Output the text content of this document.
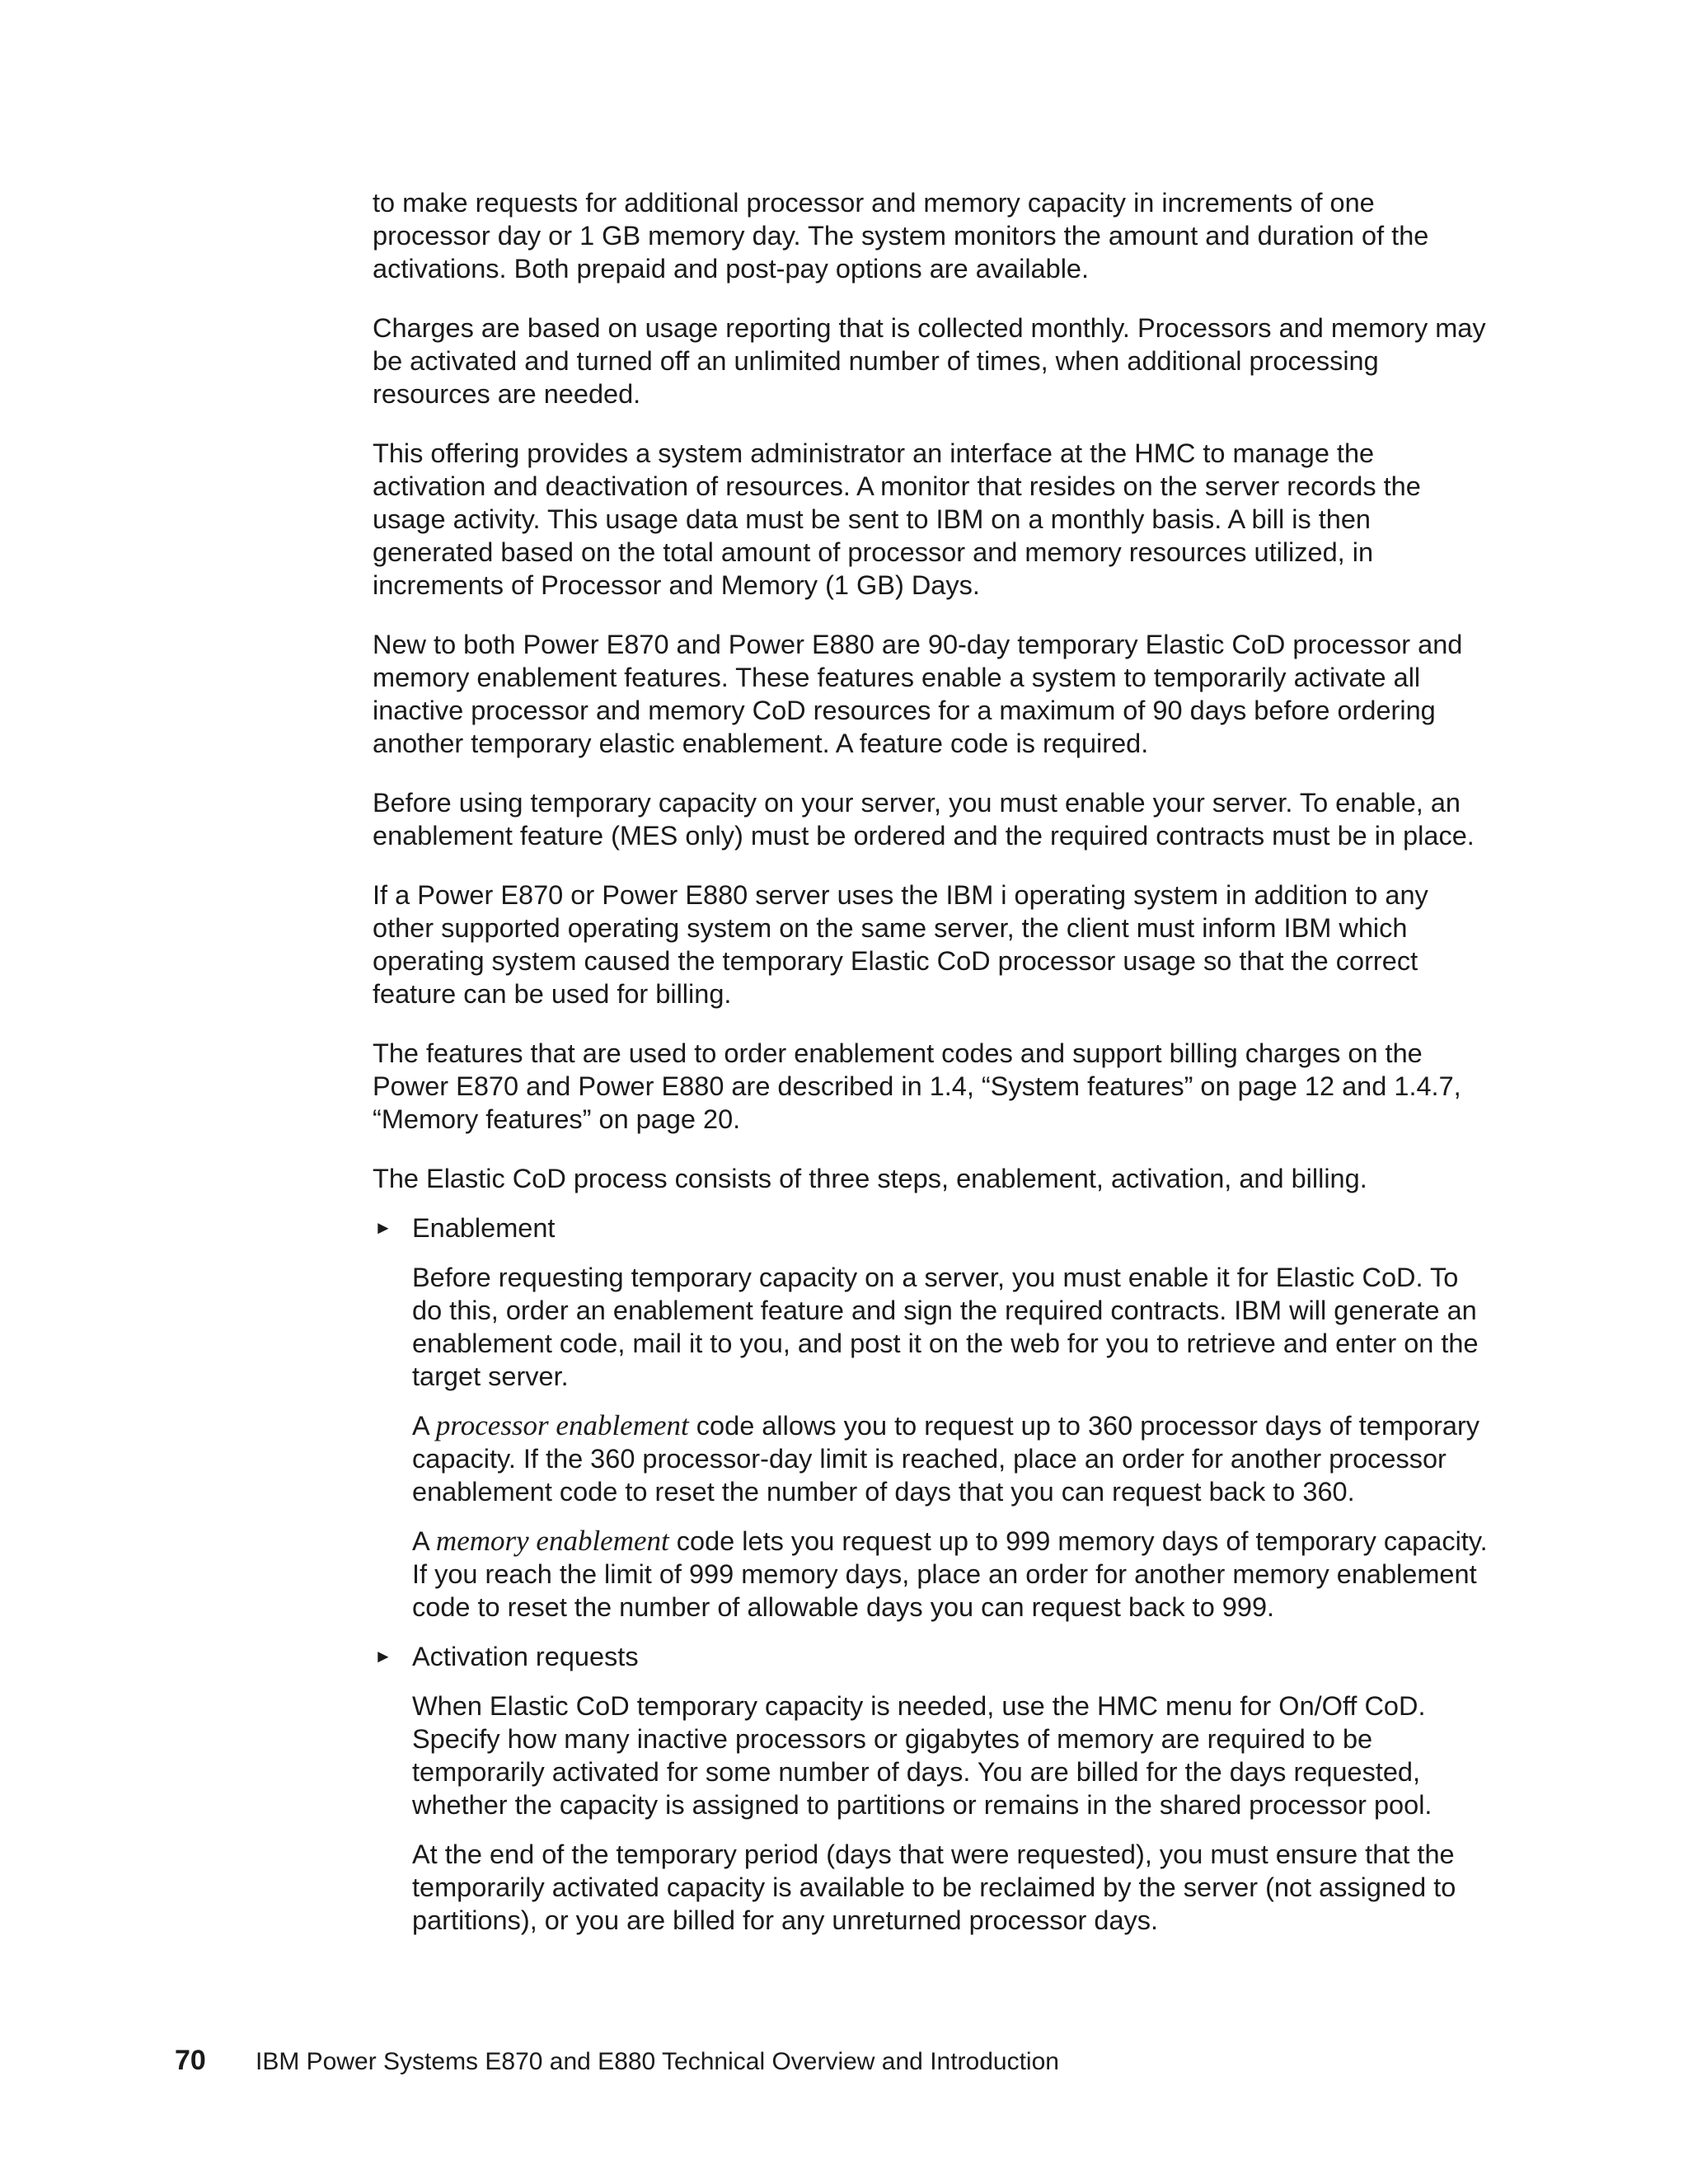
to make requests for additional processor and memory capacity in increments of one processor day or 1 GB memory day. The system monitors the amount and duration of the activations. Both prepaid and post-pay options are available.

Charges are based on usage reporting that is collected monthly. Processors and memory may be activated and turned off an unlimited number of times, when additional processing resources are needed.

This offering provides a system administrator an interface at the HMC to manage the activation and deactivation of resources. A monitor that resides on the server records the usage activity. This usage data must be sent to IBM on a monthly basis. A bill is then generated based on the total amount of processor and memory resources utilized, in increments of Processor and Memory (1 GB) Days.

New to both Power E870 and Power E880 are 90-day temporary Elastic CoD processor and memory enablement features. These features enable a system to temporarily activate all inactive processor and memory CoD resources for a maximum of 90 days before ordering another temporary elastic enablement. A feature code is required.

Before using temporary capacity on your server, you must enable your server. To enable, an enablement feature (MES only) must be ordered and the required contracts must be in place.

If a Power E870 or Power E880 server uses the IBM i operating system in addition to any other supported operating system on the same server, the client must inform IBM which operating system caused the temporary Elastic CoD processor usage so that the correct feature can be used for billing.

The features that are used to order enablement codes and support billing charges on the Power E870 and Power E880 are described in 1.4, “System features” on page 12 and 1.4.7, “Memory features” on page 20.

The Elastic CoD process consists of three steps, enablement, activation, and billing.

► Enablement

Before requesting temporary capacity on a server, you must enable it for Elastic CoD. To do this, order an enablement feature and sign the required contracts. IBM will generate an enablement code, mail it to you, and post it on the web for you to retrieve and enter on the target server.

A processor enablement code allows you to request up to 360 processor days of temporary capacity. If the 360 processor-day limit is reached, place an order for another processor enablement code to reset the number of days that you can request back to 360.

A memory enablement code lets you request up to 999 memory days of temporary capacity. If you reach the limit of 999 memory days, place an order for another memory enablement code to reset the number of allowable days you can request back to 999.

► Activation requests

When Elastic CoD temporary capacity is needed, use the HMC menu for On/Off CoD. Specify how many inactive processors or gigabytes of memory are required to be temporarily activated for some number of days. You are billed for the days requested, whether the capacity is assigned to partitions or remains in the shared processor pool.

At the end of the temporary period (days that were requested), you must ensure that the temporarily activated capacity is available to be reclaimed by the server (not assigned to partitions), or you are billed for any unreturned processor days.

70 IBM Power Systems E870 and E880 Technical Overview and Introduction
